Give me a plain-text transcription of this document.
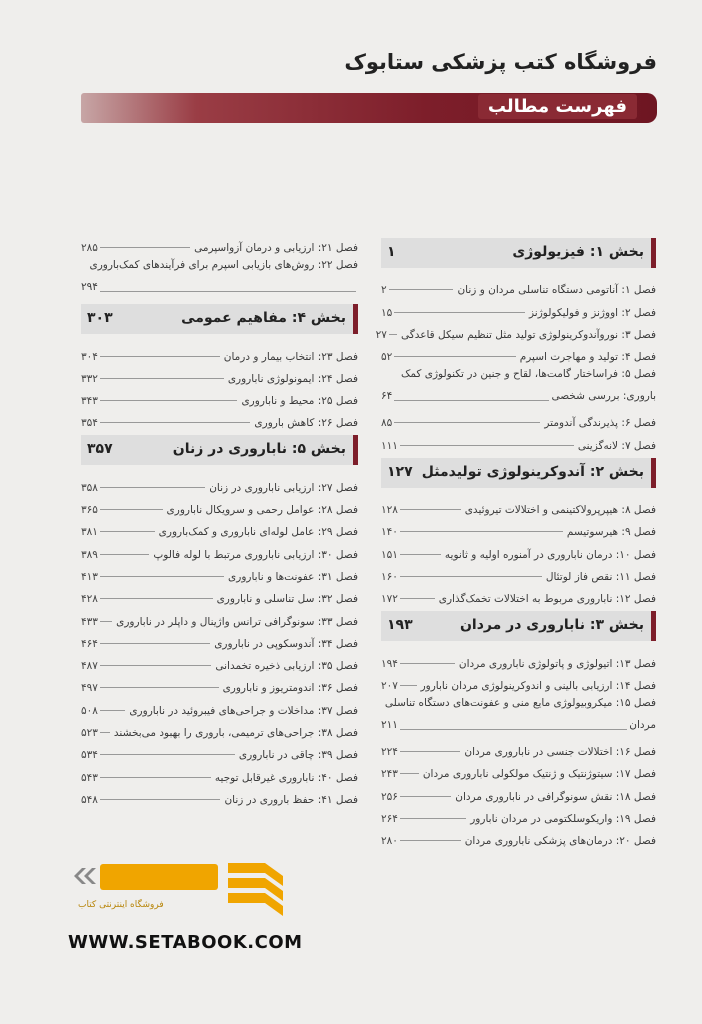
فروشگاه کتب پزشکی ستابوک
فهرست مطالب
بخش ۱: فیزیولوژی
۱
فصل ۱: آناتومی دستگاه تناسلی مردان و زنان
۲
فصل ۲: اووژنز و فولیکولوژنز
۱۵
فصل ۳: نوروآندوکرینولوژی تولید مثل تنظیم سیکل قاعدگی
۲۷
فصل ۴: تولید و مهاجرت اسپرم
۵۲
فصل ۵: فراساختار گامت‌ها، لقاح و جنین در تکنولوژی کمک
باروری: بررسی شخصی
۶۴
فصل ۶: پذیرندگی آندومتر
۸۵
فصل ۷: لانه‌گزینی
۱۱۱
بخش ۲: آندوکرینولوژی تولیدمثل
۱۲۷
فصل ۸: هیپرپرولاکتینمی و اختلالات تیروئیدی
۱۲۸
فصل ۹: هیرسوتیسم
۱۴۰
فصل ۱۰: درمان ناباروری در آمنوره اولیه و ثانویه
۱۵۱
فصل ۱۱: نقص فاز لوتئال
۱۶۰
فصل ۱۲: ناباروری مربوط به اختلالات تخمک‌گذاری
۱۷۲
بخش ۳: ناباروری در مردان
۱۹۳
فصل ۱۳: اتیولوژی و پاتولوژی ناباروری مردان
۱۹۴
فصل ۱۴: ارزیابی بالینی و اندوکرینولوژی مردان نابارور
۲۰۷
فصل ۱۵: میکروبیولوژی مایع منی و عفونت‌های دستگاه تناسلی
مردان
۲۱۱
فصل ۱۶: اختلالات جنسی در ناباروری مردان
۲۲۴
فصل ۱۷: سیتوژنتیک و ژنتیک مولکولی ناباروری مردان
۲۴۳
فصل ۱۸: نقش سونوگرافی در ناباروری مردان
۲۵۶
فصل ۱۹: واریکوسلکتومی در مردان نابارور
۲۶۴
فصل ۲۰: درمان‌های پزشکی ناباروری مردان
۲۸۰
فصل ۲۱: ارزیابی و درمان آزواسپرمی
۲۸۵
فصل ۲۲: روش‌های بازیابی اسپرم برای فرآیندهای کمک‌باروری
۲۹۴
بخش ۴: مفاهیم عمومی
۳۰۳
فصل ۲۳: انتخاب بیمار و درمان
۳۰۴
فصل ۲۴: ایمونولوژی ناباروری
۳۳۲
فصل ۲۵: محیط و ناباروری
۳۴۳
فصل ۲۶: کاهش باروری
۳۵۴
بخش ۵: ناباروری در زنان
۳۵۷
فصل ۲۷: ارزیابی ناباروری در زنان
۳۵۸
فصل ۲۸: عوامل رحمی و سرویکال ناباروری
۳۶۵
فصل ۲۹: عامل لوله‌ای ناباروری و کمک‌باروری
۳۸۱
فصل ۳۰: ارزیابی ناباروری مرتبط با لوله فالوپ
۳۸۹
فصل ۳۱: عفونت‌ها و ناباروری
۴۱۳
فصل ۳۲: سل تناسلی و ناباروری
۴۲۸
فصل ۳۳: سونوگرافی ترانس واژینال و داپلر در ناباروری
۴۳۳
فصل ۳۴: آندوسکوپی در ناباروری
۴۶۴
فصل ۳۵: ارزیابی ذخیره تخمدانی
۴۸۷
فصل ۳۶: اندومتریوز و ناباروری
۴۹۷
فصل ۳۷: مداخلات و جراحی‌های فیبروئید در ناباروری
۵۰۸
فصل ۳۸: جراحی‌های ترمیمی، باروری را بهبود می‌بخشند
۵۲۳
فصل ۳۹: چاقی در ناباروری
۵۳۴
فصل ۴۰: ناباروری غیرقابل توجیه
۵۴۳
فصل ۴۱: حفظ باروری در زنان
۵۴۸
فروشگاه اینترنتی کتاب
WWW.SETABOOK.COM
